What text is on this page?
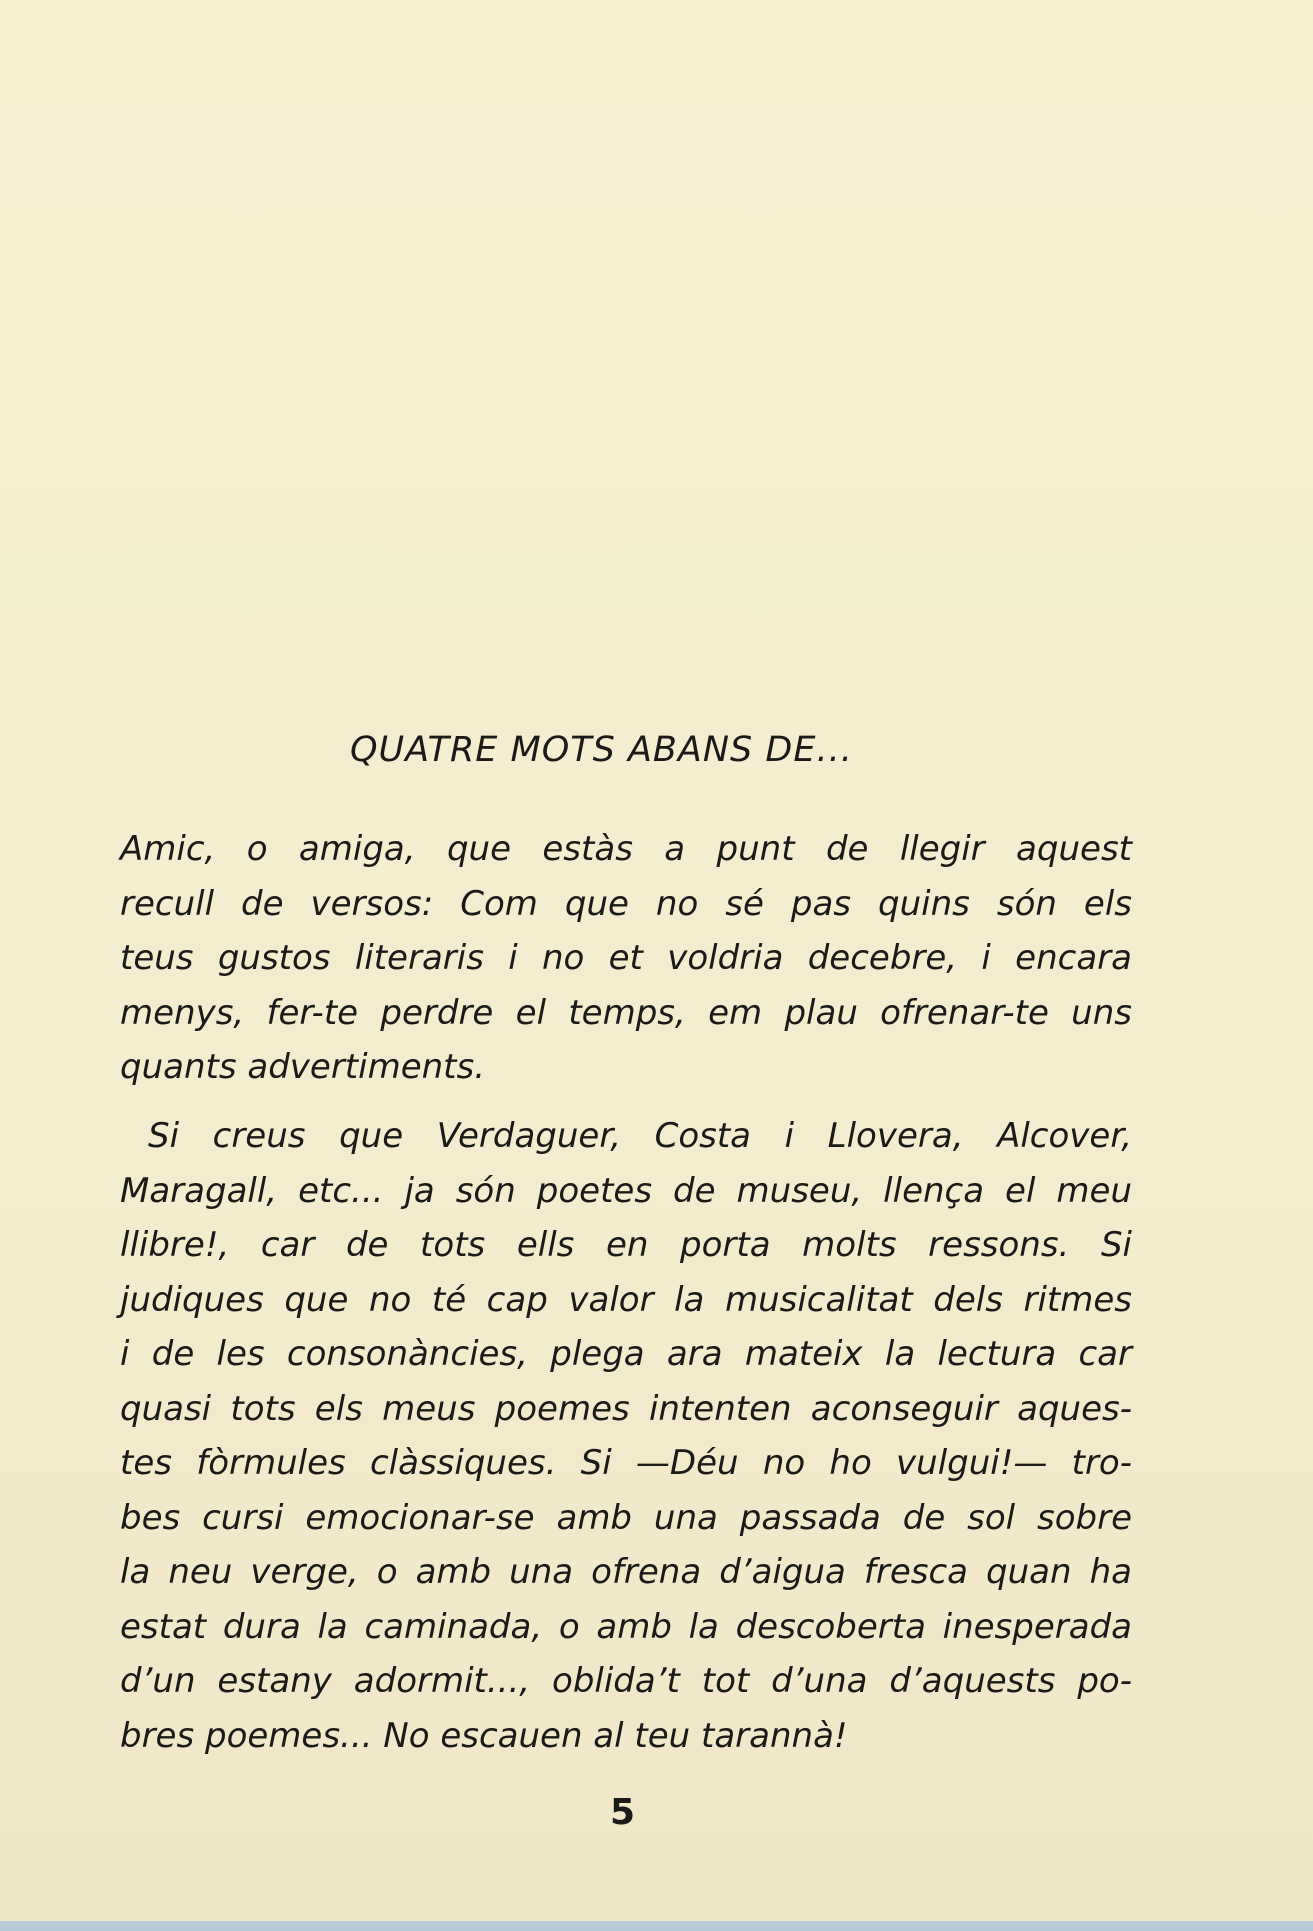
QUATRE MOTS ABANS DE...

Amic, o amiga, que estàs a punt de llegir aquest
recull de versos: Com que no sé pas quins són els
teus gustos literaris i no et voldria decebre, i encara
menys, fer-te perdre el temps, em plau ofrenar-te uns
quants advertiments.

Si creus que Verdaguer, Costa i Llovera, Alcover,
Maragall, etc... ja són poetes de museu, llença el meu
llibre!, car de tots ells en porta molts ressons. Si
judiques que no té cap valor la musicalitat dels ritmes
i de les consonàncies, plega ara mateix la lectura car
quasi tots els meus poemes intenten aconseguir aques-
tes fòrmules clàssiques. Si —Déu no ho vulgui!— tro-
bes cursi emocionar-se amb una passada de sol sobre
la neu verge, o amb una ofrena d’aigua fresca quan ha
estat dura la caminada, o amb la descoberta inesperada
d’un estany adormit..., oblida’t tot d’una d’aquests po-
bres poemes... No escauen al teu tarannà!

5
